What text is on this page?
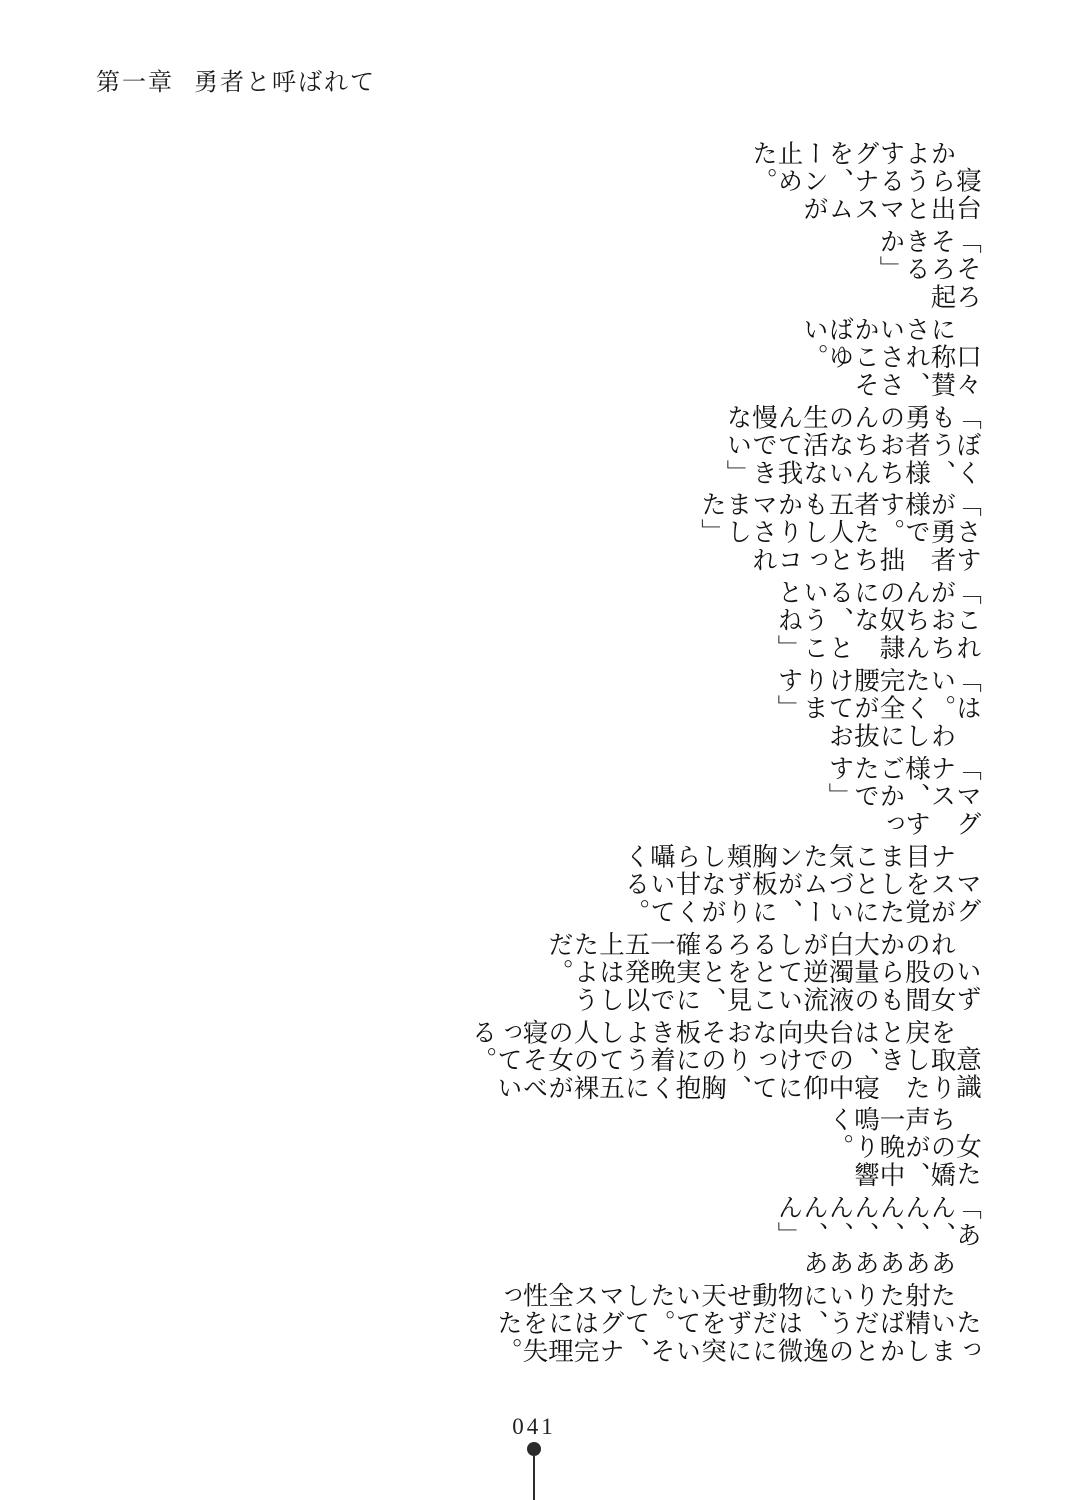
第一章 勇者と呼ばれて
たったいま射精したばかりだというのに、逸物は微動だにせずに天を突いていた。そして、マグナスは完全に理性を失った。
「あん、あん、あん、あん、あん、あん、あん」
女たちの嬌声が、一晩中鳴り響く。
意識を取り戻したときは、寝台の中央で仰向けになっており、その胸板に抱き着くようにして五人の裸の女が寝そべっている。
いずれの女の股間からも大量の白濁液が逆流しているところを見ると、確実に一晩で五発以上はしたようだ。
マグナスが目を覚ましたことに気づいたムーンが、胸板に頬ずりしながら甘く囁いてくる。
「マグナス様、すごかったです」
「はい。わたくし完全に腰が抜けております」
「これがおちんちんの奴隷になる、ということね」
「さすが勇者様です。拙者たち五人ともしっかりコマされました」
「ぼくもう、勇者様のおちんちんのない生活なんて我慢できない」
口々に称賛され、いささかこそばゆい。
「そろそろ起きるか」
寝台から出ようとするマグナスを、ムーンが止めた。
041
